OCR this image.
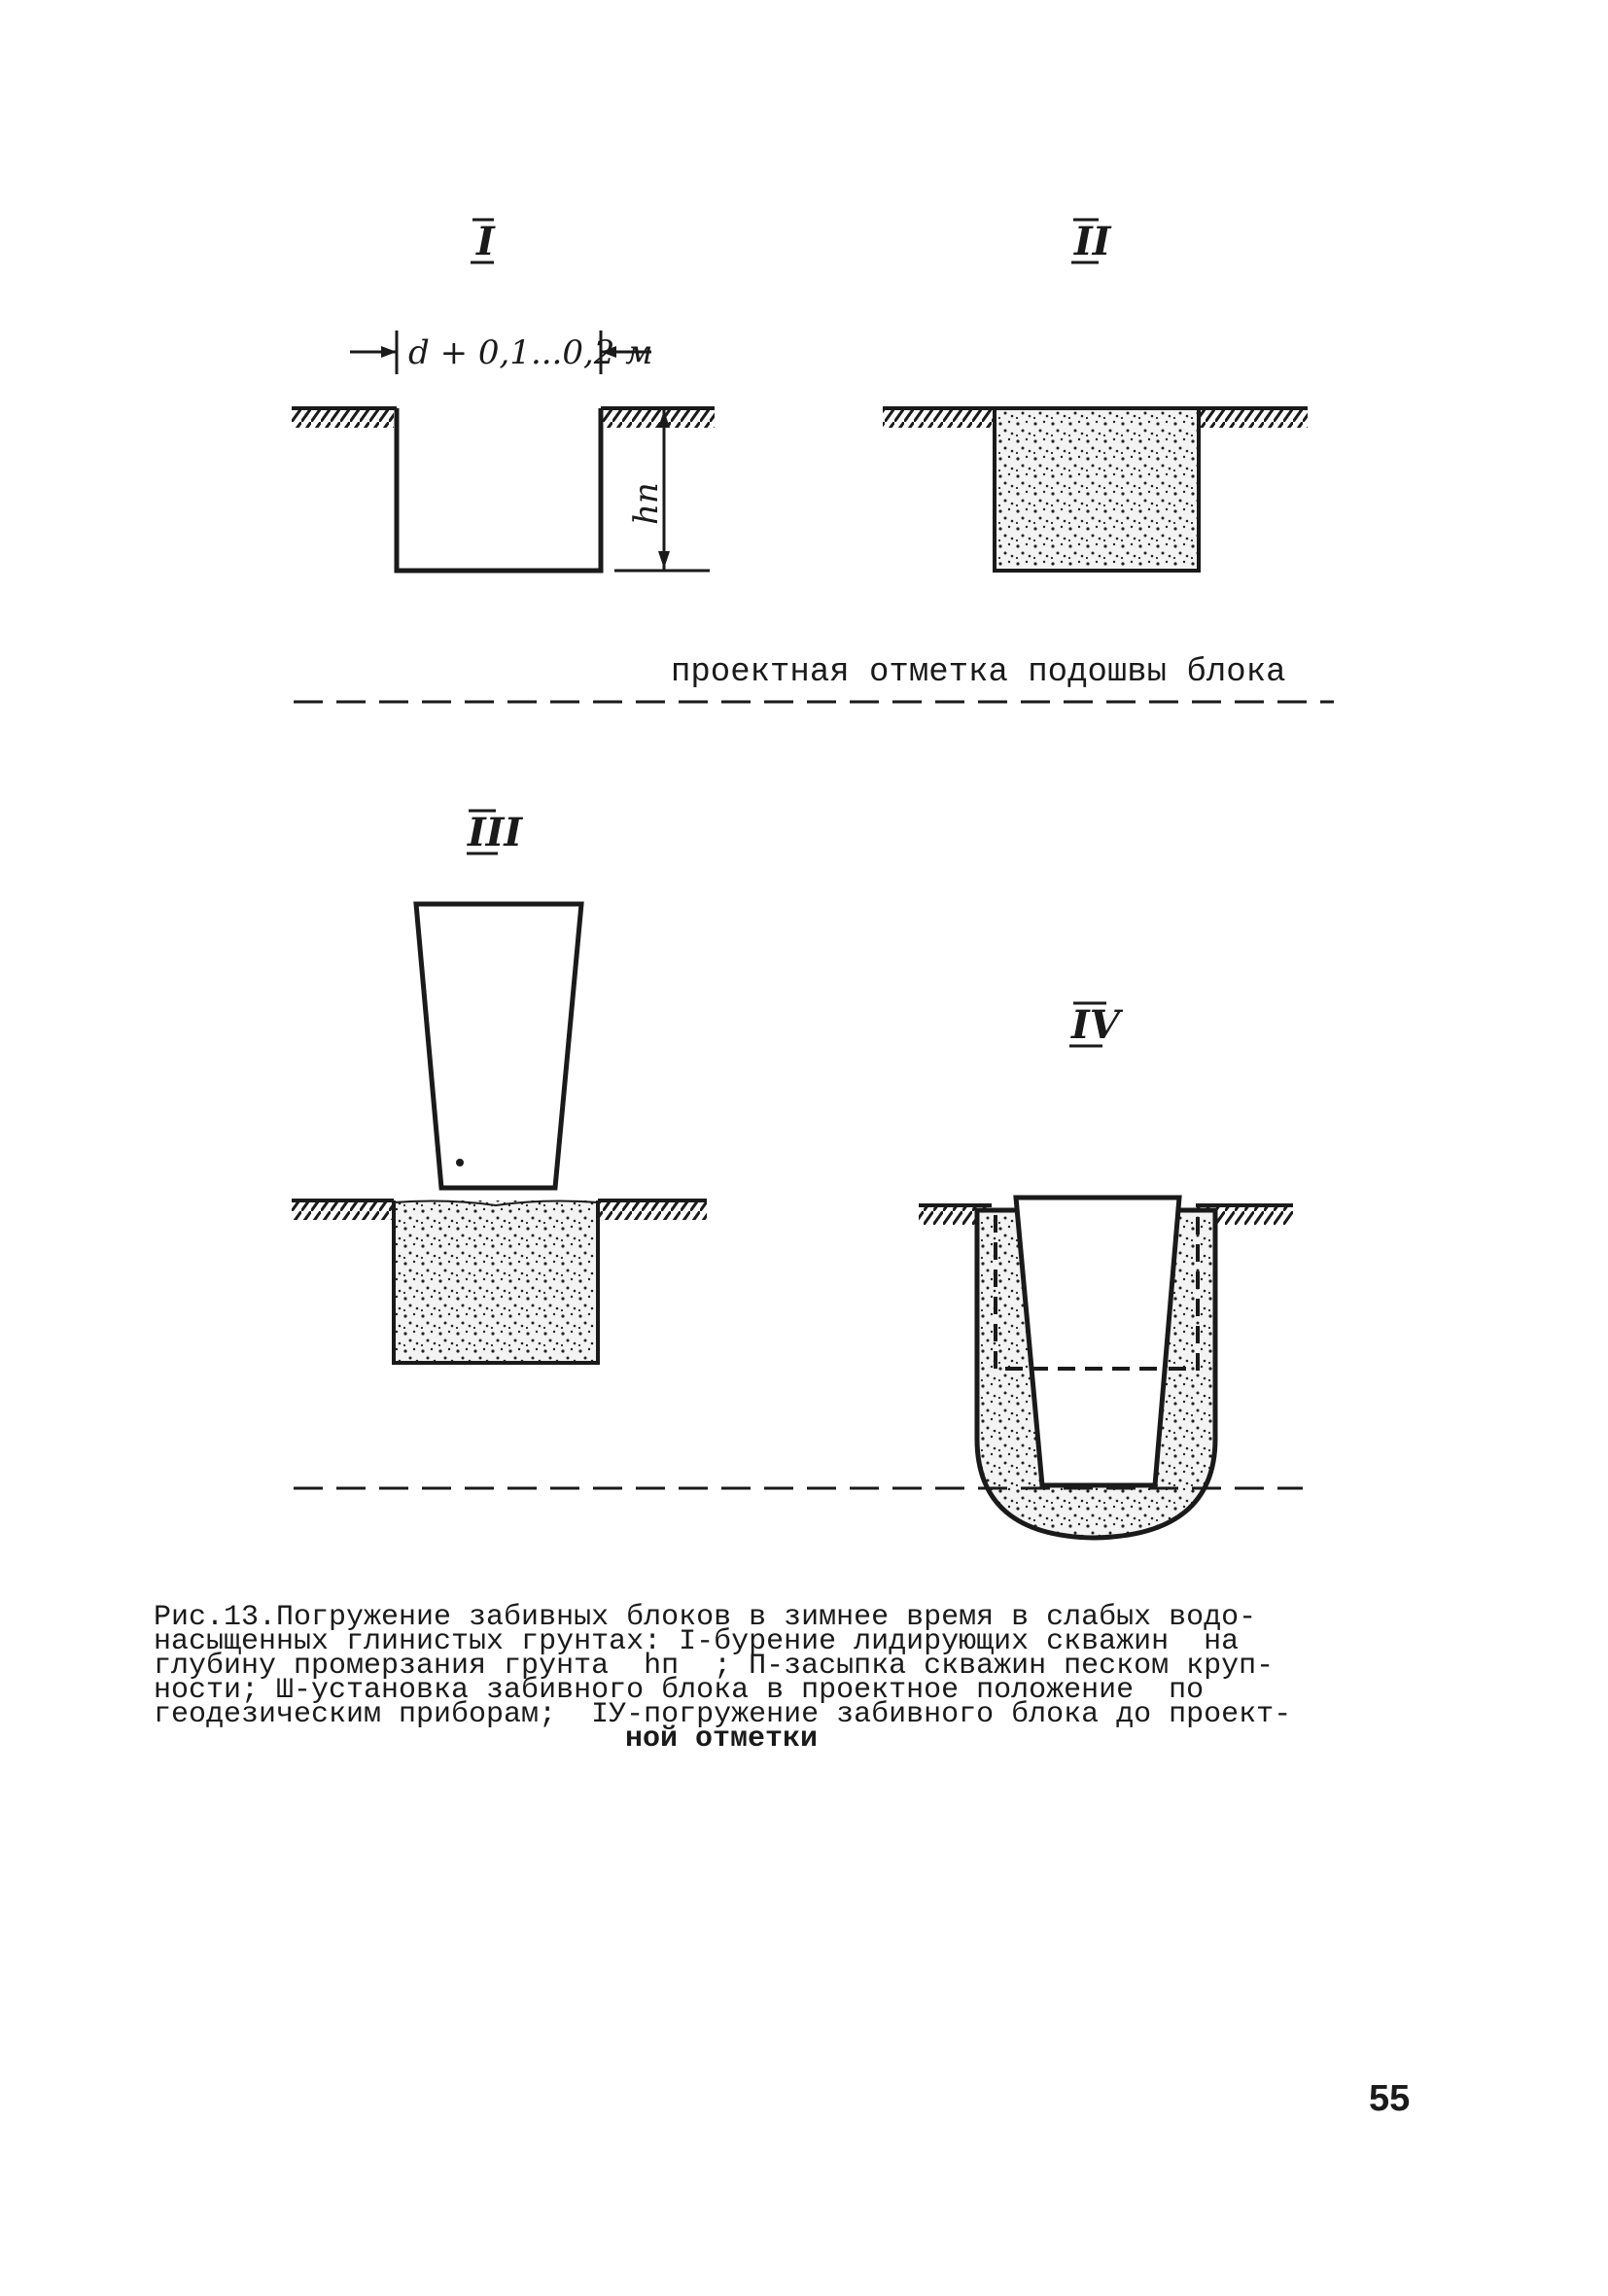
I
d + 0,1...0,2 м
hп
II
проектная отметка подошвы блока
III
IV
Рис.13.Погружение забивных блоков в зимнее время в слабых водо-
насыщенных глинистых грунтах: I-бурение лидирующих скважин  на
глубину промерзания грунта  hп  ; П-засыпка скважин песком круп-
ности; Ш-установка забивного блока в проектное положение  по
геодезическим приборам;  IУ-погружение забивного блока до проект-
ной отметки
55
